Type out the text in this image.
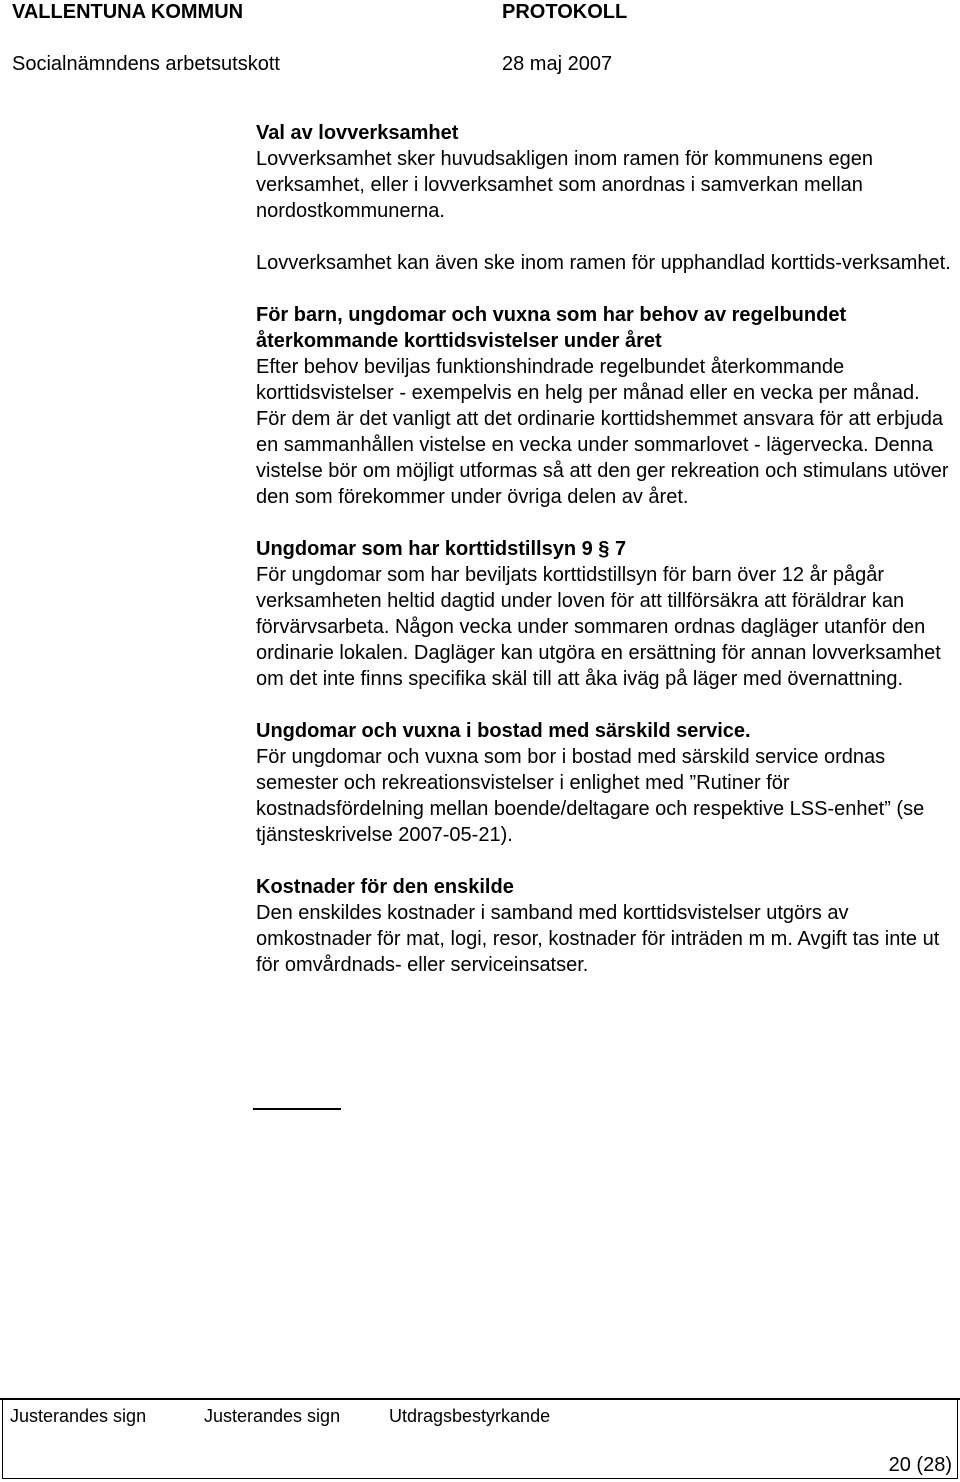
VALLENTUNA KOMMUN	PROTOKOLL
Socialnämndens arbetsutskott	28 maj 2007

Val av lovverksamhet

Lovverksamhet sker huvudsakligen inom ramen för kommunens egen verksamhet, eller i lovverksamhet som anordnas i samverkan mellan nordostkommunerna.

Lovverksamhet kan även ske inom ramen för upphandlad korttids-verksamhet.

För barn, ungdomar och vuxna som har behov av regelbundet återkommande korttidsvistelser under året

Efter behov beviljas funktionshindrade regelbundet återkommande korttidsvistelser - exempelvis en helg per månad eller en vecka per månad. För dem är det vanligt att det ordinarie korttidshemmet ansvara för att erbjuda en sammanhållen vistelse en vecka under sommarlovet - lägervecka. Denna vistelse bör om möjligt utformas så att den ger rekreation och stimulans utöver den som förekommer under övriga delen av året.

Ungdomar som har korttidstillsyn 9 § 7

För ungdomar som har beviljats korttidstillsyn för barn över 12 år pågår verksamheten heltid dagtid under loven för att tillförsäkra att föräldrar kan förvärvsarbeta. Någon vecka under sommaren ordnas dagläger utanför den ordinarie lokalen. Dagläger kan utgöra en ersättning för annan lovverksamhet om det inte finns specifika skäl till att åka iväg på läger med övernattning.

Ungdomar och vuxna i bostad med särskild service.

För ungdomar och vuxna som bor i bostad med särskild service ordnas semester och rekreationsvistelser i enlighet med ”Rutiner för kostnadsfördelning mellan boende/deltagare och respektive LSS-enhet” (se tjänsteskrivelse 2007-05-21).

Kostnader för den enskilde

Den enskildes kostnader i samband med korttidsvistelser utgörs av omkostnader för mat, logi, resor, kostnader för inträden m m. Avgift tas inte ut för omvårdnads- eller serviceinsatser.

Justerandes sign	Justerandes sign	Utdragsbestyrkande
20 (28)
